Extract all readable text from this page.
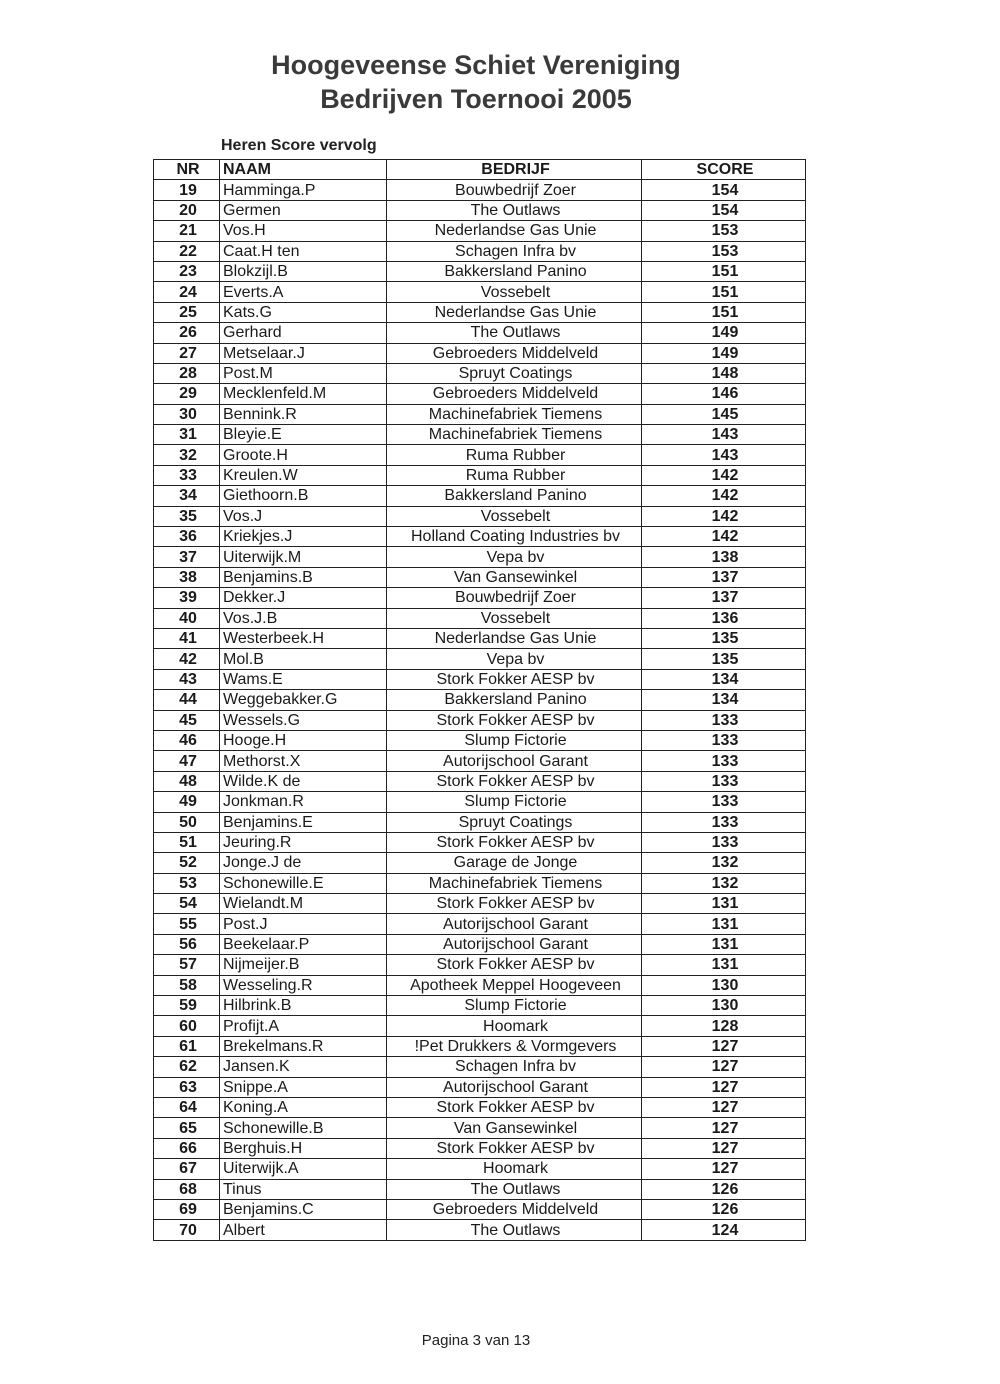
Hoogeveense Schiet Vereniging
Bedrijven Toernooi 2005
Heren Score vervolg
NR	NAAM	BEDRIJF	SCORE
19	Hamminga.P	Bouwbedrijf Zoer	154
20	Germen	The Outlaws	154
21	Vos.H	Nederlandse Gas Unie	153
22	Caat.H ten	Schagen Infra bv	153
23	Blokzijl.B	Bakkersland Panino	151
24	Everts.A	Vossebelt	151
25	Kats.G	Nederlandse Gas Unie	151
26	Gerhard	The Outlaws	149
27	Metselaar.J	Gebroeders Middelveld	149
28	Post.M	Spruyt Coatings	148
29	Mecklenfeld.M	Gebroeders Middelveld	146
30	Bennink.R	Machinefabriek Tiemens	145
31	Bleyie.E	Machinefabriek Tiemens	143
32	Groote.H	Ruma Rubber	143
33	Kreulen.W	Ruma Rubber	142
34	Giethoorn.B	Bakkersland Panino	142
35	Vos.J	Vossebelt	142
36	Kriekjes.J	Holland Coating Industries bv	142
37	Uiterwijk.M	Vepa bv	138
38	Benjamins.B	Van Gansewinkel	137
39	Dekker.J	Bouwbedrijf Zoer	137
40	Vos.J.B	Vossebelt	136
41	Westerbeek.H	Nederlandse Gas Unie	135
42	Mol.B	Vepa bv	135
43	Wams.E	Stork Fokker AESP bv	134
44	Weggebakker.G	Bakkersland Panino	134
45	Wessels.G	Stork Fokker AESP bv	133
46	Hooge.H	Slump Fictorie	133
47	Methorst.X	Autorijschool Garant	133
48	Wilde.K de	Stork Fokker AESP bv	133
49	Jonkman.R	Slump Fictorie	133
50	Benjamins.E	Spruyt Coatings	133
51	Jeuring.R	Stork Fokker AESP bv	133
52	Jonge.J de	Garage de Jonge	132
53	Schonewille.E	Machinefabriek Tiemens	132
54	Wielandt.M	Stork Fokker AESP bv	131
55	Post.J	Autorijschool Garant	131
56	Beekelaar.P	Autorijschool Garant	131
57	Nijmeijer.B	Stork Fokker AESP bv	131
58	Wesseling.R	Apotheek Meppel Hoogeveen	130
59	Hilbrink.B	Slump Fictorie	130
60	Profijt.A	Hoomark	128
61	Brekelmans.R	!Pet Drukkers & Vormgevers	127
62	Jansen.K	Schagen Infra bv	127
63	Snippe.A	Autorijschool Garant	127
64	Koning.A	Stork Fokker AESP bv	127
65	Schonewille.B	Van Gansewinkel	127
66	Berghuis.H	Stork Fokker AESP bv	127
67	Uiterwijk.A	Hoomark	127
68	Tinus	The Outlaws	126
69	Benjamins.C	Gebroeders Middelveld	126
70	Albert	The Outlaws	124
Pagina 3 van 13
